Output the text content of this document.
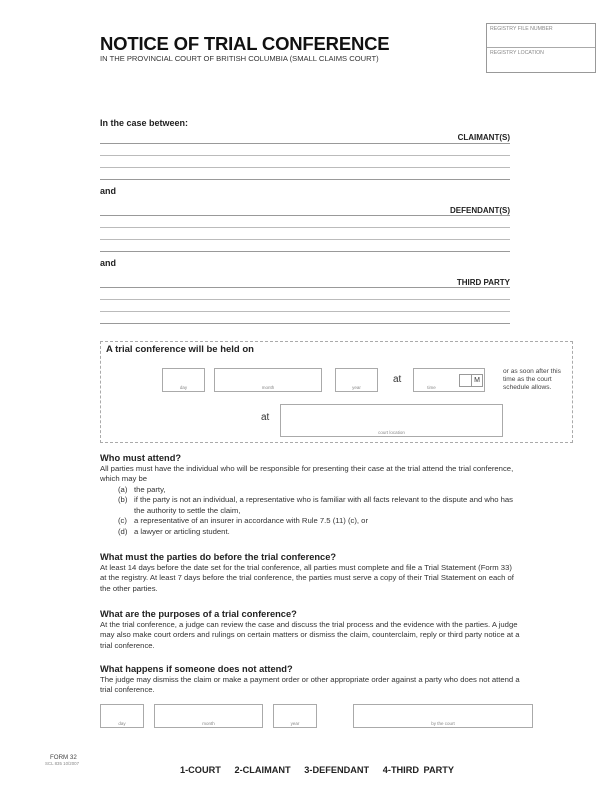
NOTICE OF TRIAL CONFERENCE
IN THE PROVINCIAL COURT OF BRITISH COLUMBIA (SMALL CLAIMS COURT)
REGISTRY FILE NUMBER
REGISTRY LOCATION
In the case between:
CLAIMANT(S)
and
DEFENDANT(S)
and
THIRD PARTY
A trial conference will be held on
day	month	year
at
time
M
or as soon after this time as the court schedule allows.
at
court location
Who must attend?
All parties must have the individual who will be responsible for presenting their case at the trial attend the trial conference, which may be
(a) the party,
(b) if the party is not an individual, a representative who is familiar with all facts relevant to the dispute and who has the authority to settle the claim,
(c) a representative of an insurer in accordance with Rule 7.5 (11) (c), or
(d) a lawyer or articling student.
What must the parties do before the trial conference?
At least 14 days before the date set for the trial conference, all parties must complete and file a Trial Statement (Form 33) at the registry. At least 7 days before the trial conference, the parties must serve a copy of their Trial Statement on each of the other parties.
What are the purposes of a trial conference?
At the trial conference, a judge can review the case and discuss the trial process and the evidence with the parties. A judge may also make court orders and rulings on certain matters or dismiss the claim, counterclaim, reply or third party notice at a trial conference.
What happens if someone does not attend?
The judge may dismiss the claim or make a payment order or other appropriate order against a party who does not attend a trial conference.
day	month	year	by the court
FORM 32
SCL 835 10/2007
1-COURT   2-CLAIMANT   3-DEFENDANT   4-THIRD PARTY
